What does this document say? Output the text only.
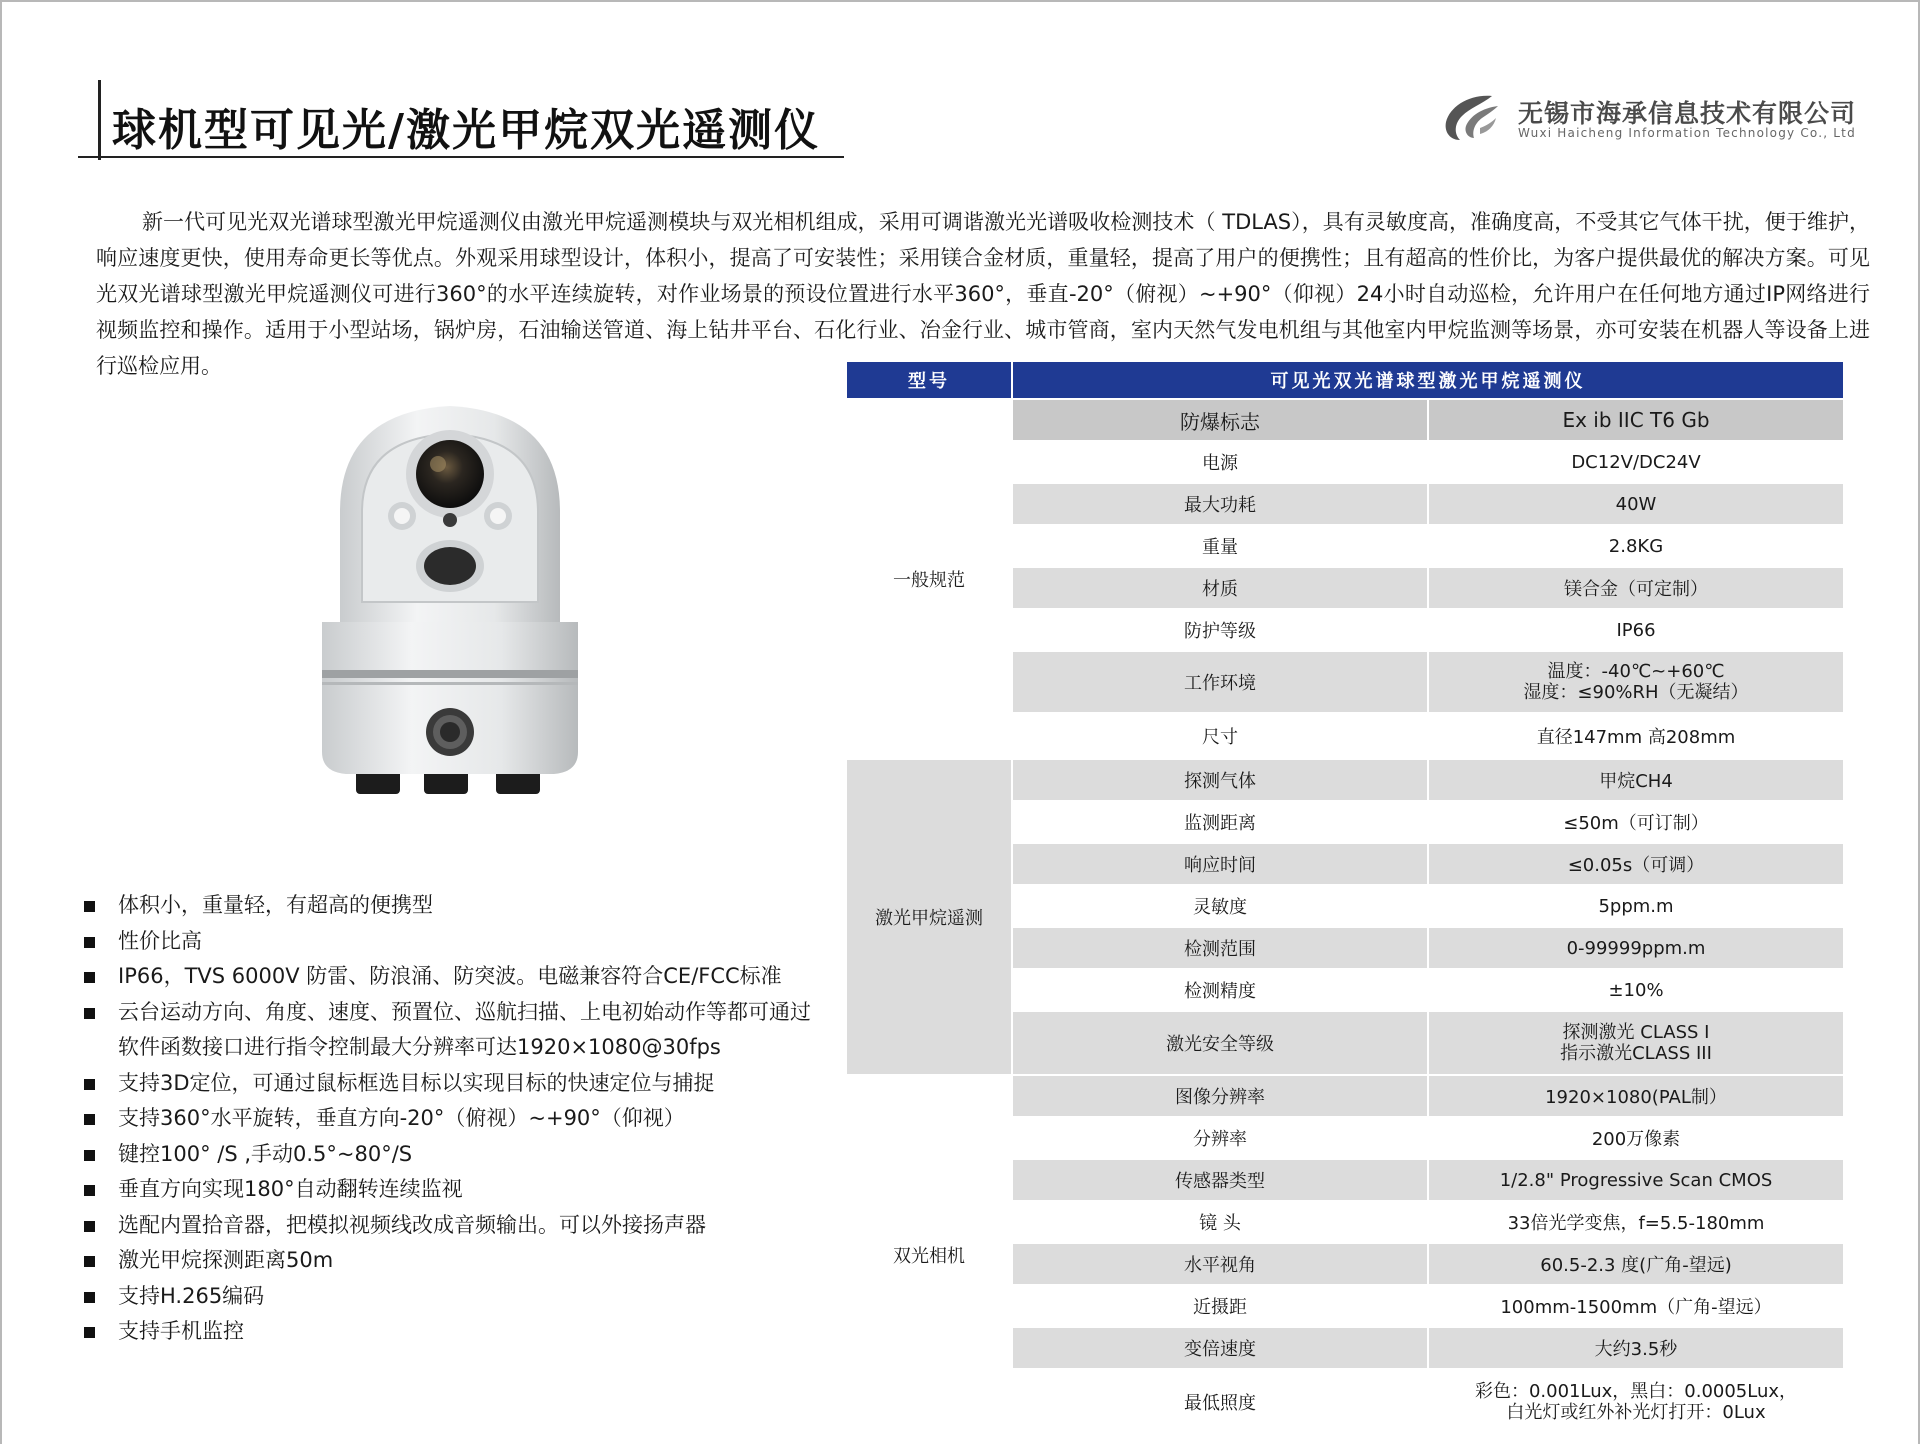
球机型可见光/激光甲烷双光遥测仪	无锡市海承信息技术有限公司
Wuxi Haicheng Information Technology Co., Ltd

新一代可见光双光谱球型激光甲烷遥测仪由激光甲烷遥测模块与双光相机组成，采用可调谐激光光谱吸收检测技术（ TDLAS），具有灵敏度高，准确度高，不受其它气体干扰，便于维护，响应速度更快，使用寿命更长等优点。外观采用球型设计，体积小，提高了可安装性；采用镁合金材质，重量轻，提高了用户的便携性；且有超高的性价比，为客户提供最优的解决方案。可见光双光谱球型激光甲烷遥测仪可进行360°的水平连续旋转，对作业场景的预设位置进行水平360°，垂直-20°（俯视）~+90°（仰视）24小时自动巡检，允许用户在任何地方通过IP网络进行视频监控和操作。适用于小型站场，锅炉房，石油输送管道、海上钻井平台、石化行业、冶金行业、城市管商，室内天然气发电机组与其他室内甲烷监测等场景，亦可安装在机器人等设备上进行巡检应用。

体积小，重量轻，有超高的便携型
性价比高
IP66，TVS 6000V 防雷、防浪涌、防突波。电磁兼容符合CE/FCC标准
云台运动方向、角度、速度、预置位、巡航扫描、上电初始动作等都可通过软件函数接口进行指令控制最大分辨率可达1920×1080@30fps
支持3D定位，可通过鼠标框选目标以实现目标的快速定位与捕捉
支持360°水平旋转，垂直方向-20°（俯视）~+90°（仰视）
键控100° /S ,手动0.5°~80°/S
垂直方向实现180°自动翻转连续监视
选配内置拾音器，把模拟视频线改成音频输出。可以外接扬声器
激光甲烷探测距离50m
支持H.265编码
支持手机监控
型号	可见光双光谱球型激光甲烷遥测仪	
一般规范	防爆标志	Ex ib IIC T6 Gb
	电源	DC12V/DC24V
	最大功耗	40W
	重量	2.8KG
	材质	镁合金（可定制）
	防护等级	IP66
	工作环境	温度：-40℃~+60℃
湿度：≤90%RH（无凝结）

	尺寸	直径147mm 高208mm
激光甲烷遥测	探测气体	甲烷CH4
	监测距离	≤50m（可订制）
	响应时间	≤0.05s（可调）
	灵敏度	5ppm.m
	检测范围	0-99999ppm.m
	检测精度	±10%
	激光安全等级	探测激光 CLASS I
指示激光CLASS III

双光相机	图像分辨率	1920×1080(PAL制）
	分辨率	200万像素
	传感器类型	1/2.8" Progressive Scan CMOS
	镜 头	33倍光学变焦，f=5.5-180mm
	水平视角	60.5-2.3 度(广角-望远)
	近摄距	100mm-1500mm（广角-望远）
	变倍速度	大约3.5秒
	最低照度	彩色：0.001Lux，黑白：0.0005Lux，
白光灯或红外补光灯打开：0Lux
